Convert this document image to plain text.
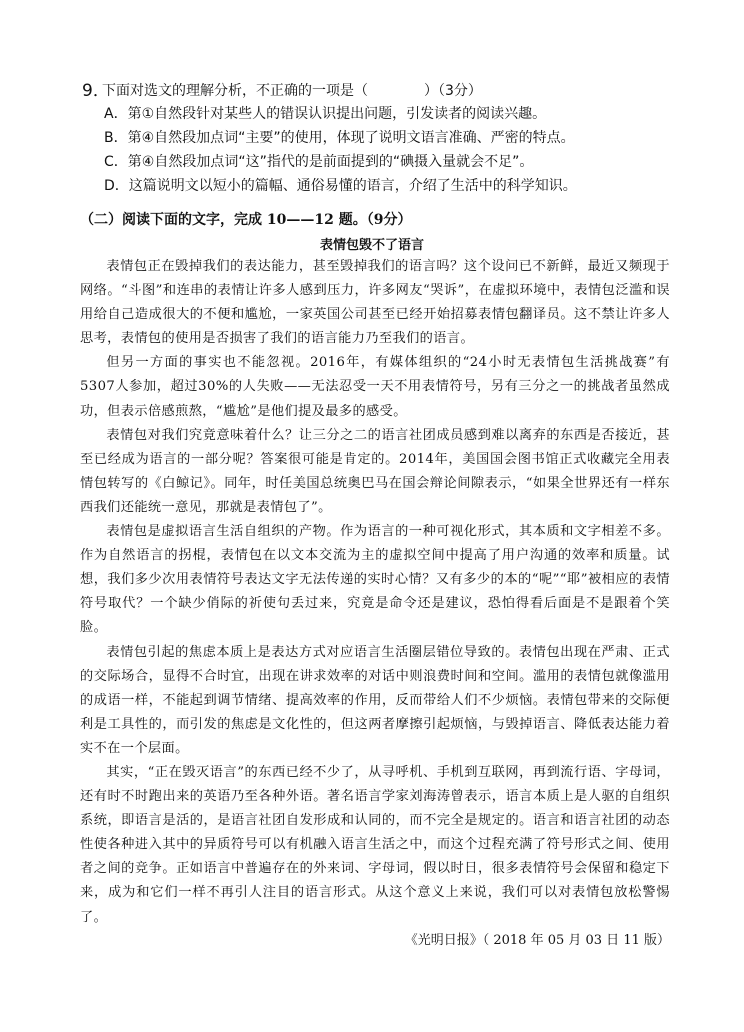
9．
下面对选文的理解分析，不正确的一项是（　　　　）（3分）
A．第①自然段针对某些人的错误认识提出问题，引发读者的阅读兴趣。
B．第④自然段加点词“主要”的使用，体现了说明文语言准确、严密的特点。
C．第④自然段加点词“这”指代的是前面提到的“碘摄入量就会不足”。
D．这篇说明文以短小的篇幅、通俗易懂的语言，介绍了生活中的科学知识。
（二）阅读下面的文字，完成 10——12 题。（9分）
表情包毁不了语言

表情包正在毁掉我们的表达能力，甚至毁掉我们的语言吗？这个设问已不新鲜，最近又频现于网络。“斗图”和连串的表情让许多人感到压力，许多网友“哭诉”，在虚拟环境中，表情包泛滥和误用给自己造成很大的不便和尴尬，一家英国公司甚至已经开始招募表情包翻译员。这不禁让许多人思考，表情包的使用是否损害了我们的语言能力乃至我们的语言。

但另一方面的事实也不能忽视。2016年，有媒体组织的“24小时无表情包生活挑战赛”有5307人参加，超过30%的人失败——无法忍受一天不用表情符号，另有三分之一的挑战者虽然成功，但表示倍感煎熬，“尴尬”是他们提及最多的感受。

表情包对我们究竟意味着什么？让三分之二的语言社团成员感到难以离弃的东西是否接近，甚至已经成为语言的一部分呢？答案很可能是肯定的。2014年，美国国会图书馆正式收藏完全用表情包转写的《白鲸记》。同年，时任美国总统奥巴马在国会辩论间隙表示，“如果全世界还有一样东西我们还能统一意见，那就是表情包了”。

表情包是虚拟语言生活自组织的产物。作为语言的一种可视化形式，其本质和文字相差不多。作为自然语言的拐棍，表情包在以文本交流为主的虚拟空间中提高了用户沟通的效率和质量。试想，我们多少次用表情符号表达文字无法传递的实时心情？又有多少的本的“呢”“耶”被相应的表情符号取代？一个缺少俏际的祈使句丢过来，究竟是命令还是建议，恐怕得看后面是不是跟着个笑脸。

表情包引起的焦虑本质上是表达方式对应语言生活圈层错位导致的。表情包出现在严肃、正式的交际场合，显得不合时宜，出现在讲求效率的对话中则浪费时间和空间。滥用的表情包就像滥用的成语一样，不能起到调节情绪、提高效率的作用，反而带给人们不少烦恼。表情包带来的交际便利是工具性的，而引发的焦虑是文化性的，但这两者摩擦引起烦恼，与毁掉语言、降低表达能力着实不在一个层面。

其实，“正在毁灭语言”的东西已经不少了，从寻呼机、手机到互联网，再到流行语、字母词，还有时不时跑出来的英语乃至各种外语。著名语言学家刘海涛曾表示，语言本质上是人驱的自组织系统，即语言是活的，是语言社团自发形成和认同的，而不完全是规定的。语言和语言社团的动态性使各种进入其中的异质符号可以有机融入语言生活之中，而这个过程充满了符号形式之间、使用者之间的竞争。正如语言中普遍存在的外来词、字母词，假以时日，很多表情符号会保留和稳定下来，成为和它们一样不再引人注目的语言形式。从这个意义上来说，我们可以对表情包放松警惕了。

《光明日报》（ 2018 年 05 月 03 日 11 版）
